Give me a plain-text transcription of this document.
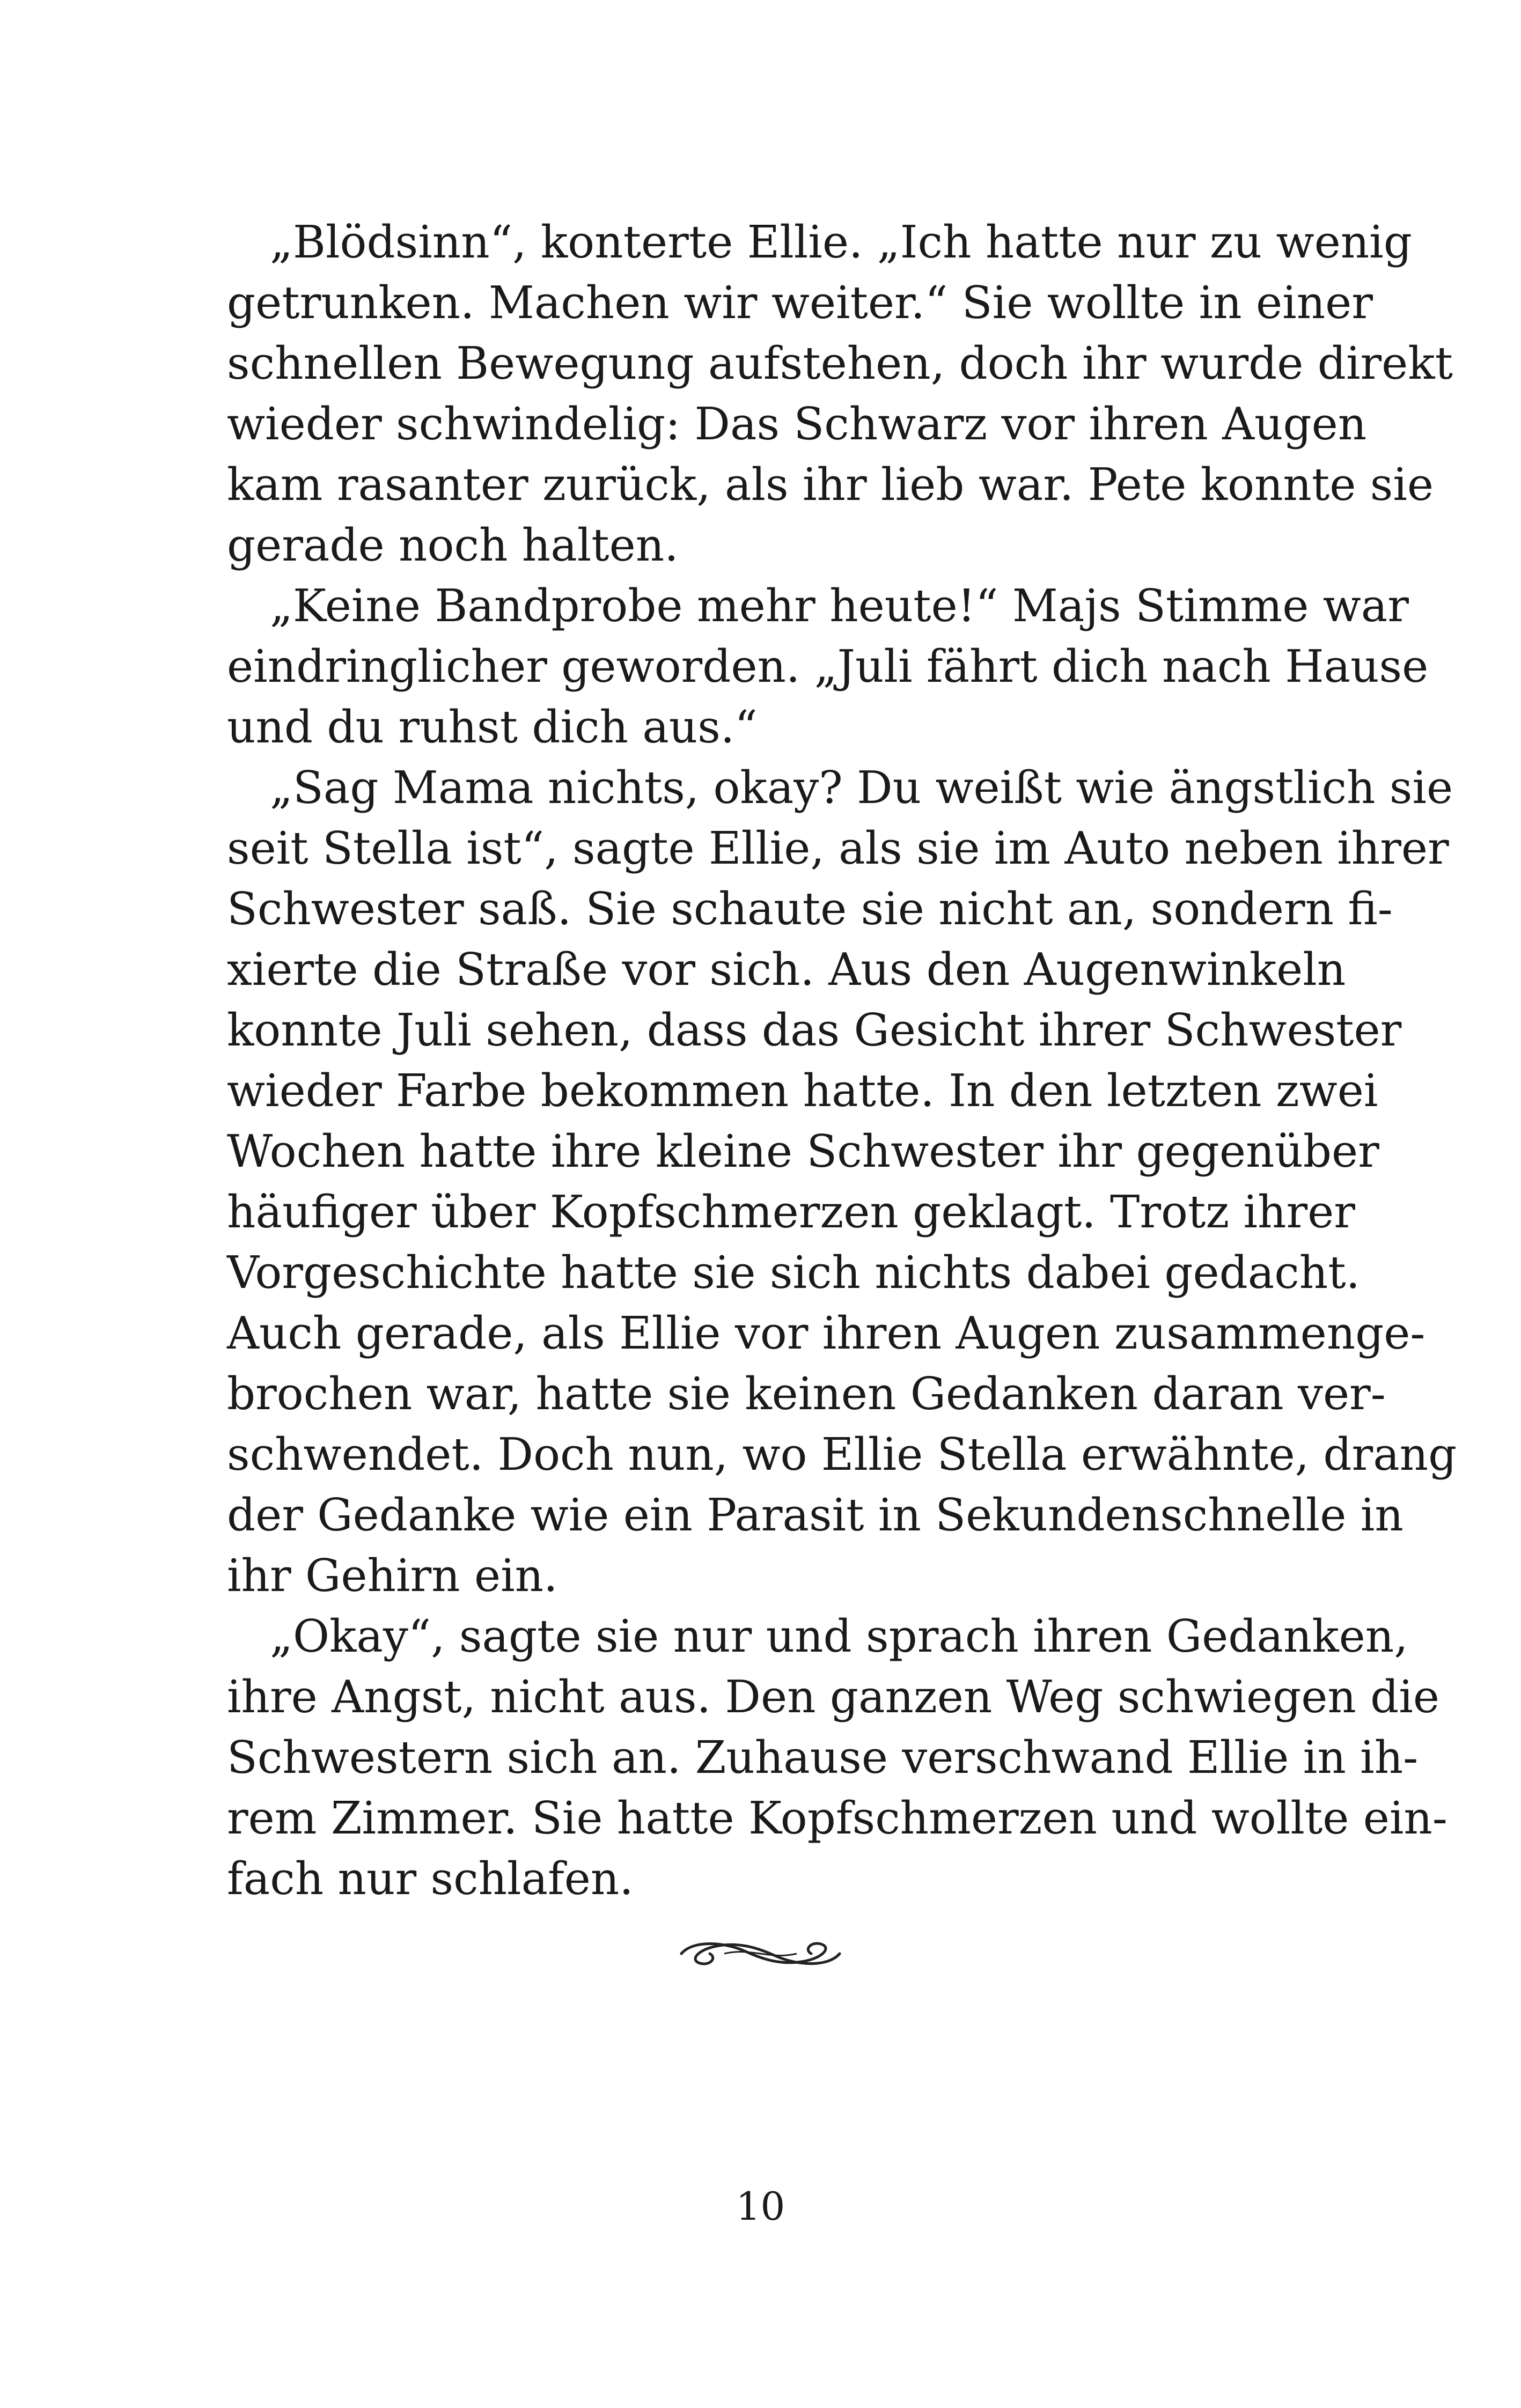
„Blödsinn“, konterte Ellie. „Ich hatte nur zu wenig
getrunken. Machen wir weiter.“ Sie wollte in einer
schnellen Bewegung aufstehen, doch ihr wurde direkt
wieder schwindelig: Das Schwarz vor ihren Augen
kam rasanter zurück, als ihr lieb war. Pete konnte sie
gerade noch halten.
„Keine Bandprobe mehr heute!“ Majs Stimme war
eindringlicher geworden. „Juli fährt dich nach Hause
und du ruhst dich aus.“
„Sag Mama nichts, okay? Du weißt wie ängstlich sie
seit Stella ist“, sagte Ellie, als sie im Auto neben ihrer
Schwester saß. Sie schaute sie nicht an, sondern fi-
xierte die Straße vor sich. Aus den Augenwinkeln
konnte Juli sehen, dass das Gesicht ihrer Schwester
wieder Farbe bekommen hatte. In den letzten zwei
Wochen hatte ihre kleine Schwester ihr gegenüber
häufiger über Kopfschmerzen geklagt. Trotz ihrer
Vorgeschichte hatte sie sich nichts dabei gedacht.
Auch gerade, als Ellie vor ihren Augen zusammenge-
brochen war, hatte sie keinen Gedanken daran ver-
schwendet. Doch nun, wo Ellie Stella erwähnte, drang
der Gedanke wie ein Parasit in Sekundenschnelle in
ihr Gehirn ein.
„Okay“, sagte sie nur und sprach ihren Gedanken,
ihre Angst, nicht aus. Den ganzen Weg schwiegen die
Schwestern sich an. Zuhause verschwand Ellie in ih-
rem Zimmer. Sie hatte Kopfschmerzen und wollte ein-
fach nur schlafen.
10
